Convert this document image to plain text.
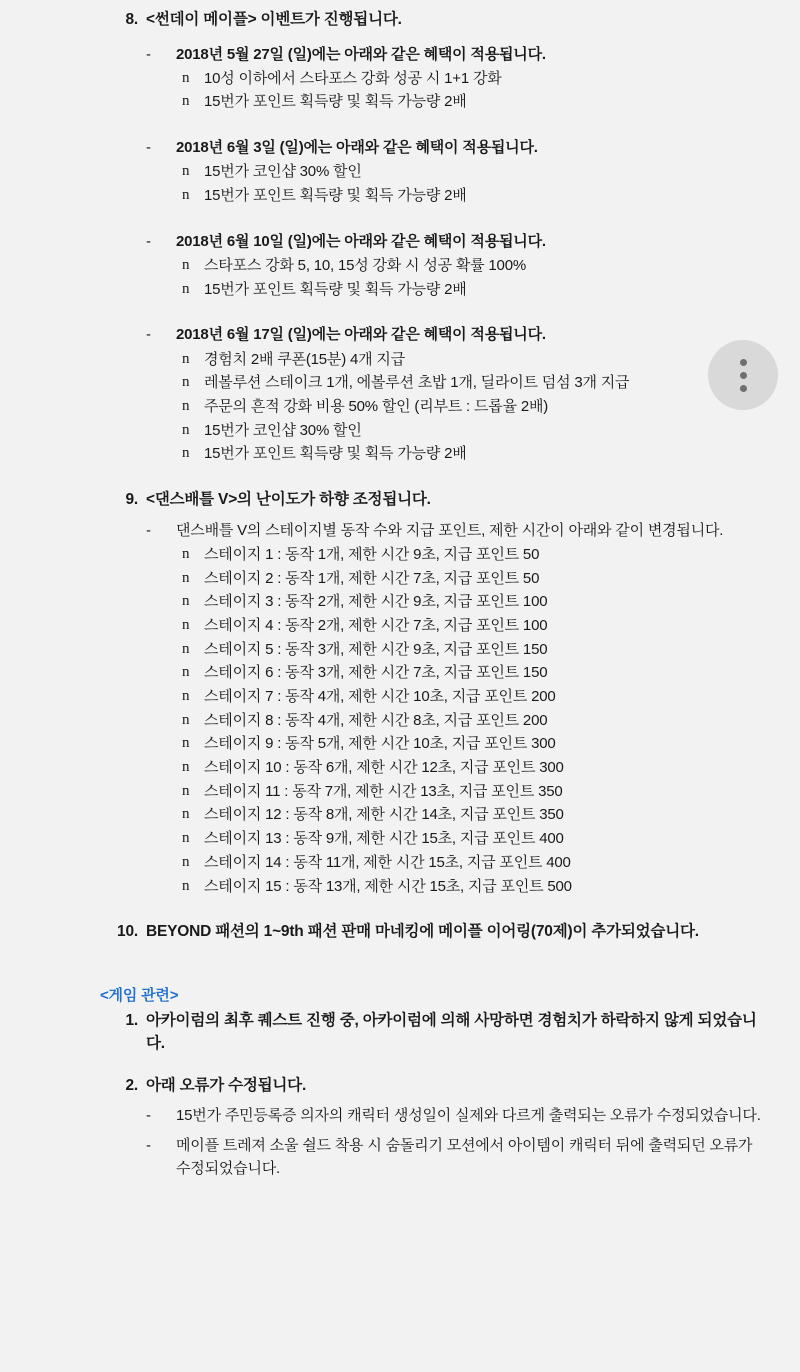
8. <썬데이 메이플> 이벤트가 진행됩니다.
- 2018년 5월 27일 (일)에는 아래와 같은 혜택이 적용됩니다.
n 10성 이하에서 스타포스 강화 성공 시 1+1 강화
n 15번가 포인트 획득량 및 획득 가능량 2배
- 2018년 6월 3일 (일)에는 아래와 같은 혜택이 적용됩니다.
n 15번가 코인샵 30% 할인
n 15번가 포인트 획득량 및 획득 가능량 2배
- 2018년 6월 10일 (일)에는 아래와 같은 혜택이 적용됩니다.
n 스타포스 강화 5, 10, 15성 강화 시 성공 확률 100%
n 15번가 포인트 획득량 및 획득 가능량 2배
- 2018년 6월 17일 (일)에는 아래와 같은 혜택이 적용됩니다.
n 경험치 2배 쿠폰(15분) 4개 지급
n 레볼루션 스테이크 1개, 에볼루션 초밥 1개, 딜라이트 덤섬 3개 지급
n 주문의 흔적 강화 비용 50% 할인 (리부트 : 드롭율 2배)
n 15번가 코인샵 30% 할인
n 15번가 포인트 획득량 및 획득 가능량 2배
9. <댄스배틀 V>의 난이도가 하향 조정됩니다.
- 댄스배틀 V의 스테이지별 동작 수와 지급 포인트, 제한 시간이 아래와 같이 변경됩니다.
n 스테이지 1 : 동작 1개, 제한 시간 9초, 지급 포인트 50
n 스테이지 2 : 동작 1개, 제한 시간 7초, 지급 포인트 50
n 스테이지 3 : 동작 2개, 제한 시간 9초, 지급 포인트 100
n 스테이지 4 : 동작 2개, 제한 시간 7초, 지급 포인트 100
n 스테이지 5 : 동작 3개, 제한 시간 9초, 지급 포인트 150
n 스테이지 6 : 동작 3개, 제한 시간 7초, 지급 포인트 150
n 스테이지 7 : 동작 4개, 제한 시간 10초, 지급 포인트 200
n 스테이지 8 : 동작 4개, 제한 시간 8초, 지급 포인트 200
n 스테이지 9 : 동작 5개, 제한 시간 10초, 지급 포인트 300
n 스테이지 10 : 동작 6개, 제한 시간 12초, 지급 포인트 300
n 스테이지 11 : 동작 7개, 제한 시간 13초, 지급 포인트 350
n 스테이지 12 : 동작 8개, 제한 시간 14초, 지급 포인트 350
n 스테이지 13 : 동작 9개, 제한 시간 15초, 지급 포인트 400
n 스테이지 14 : 동작 11개, 제한 시간 15초, 지급 포인트 400
n 스테이지 15 : 동작 13개, 제한 시간 15초, 지급 포인트 500
10. BEYOND 패션의 1~9th 패션 판매 마네킹에 메이플 이어링(70제)이 추가되었습니다.
<게임 관련>
1. 아카이럼의 최후 퀘스트 진행 중, 아카이럼에 의해 사망하면 경험치가 하락하지 않게 되었습니다.
2. 아래 오류가 수정됩니다.
- 15번가 주민등록증 의자의 캐릭터 생성일이 실제와 다르게 출력되는 오류가 수정되었습니다.
- 메이플 트레져 소울 쉴드 착용 시 숨돌리기 모션에서 아이템이 캐릭터 뒤에 출력되던 오류가 수정되었습니다.
